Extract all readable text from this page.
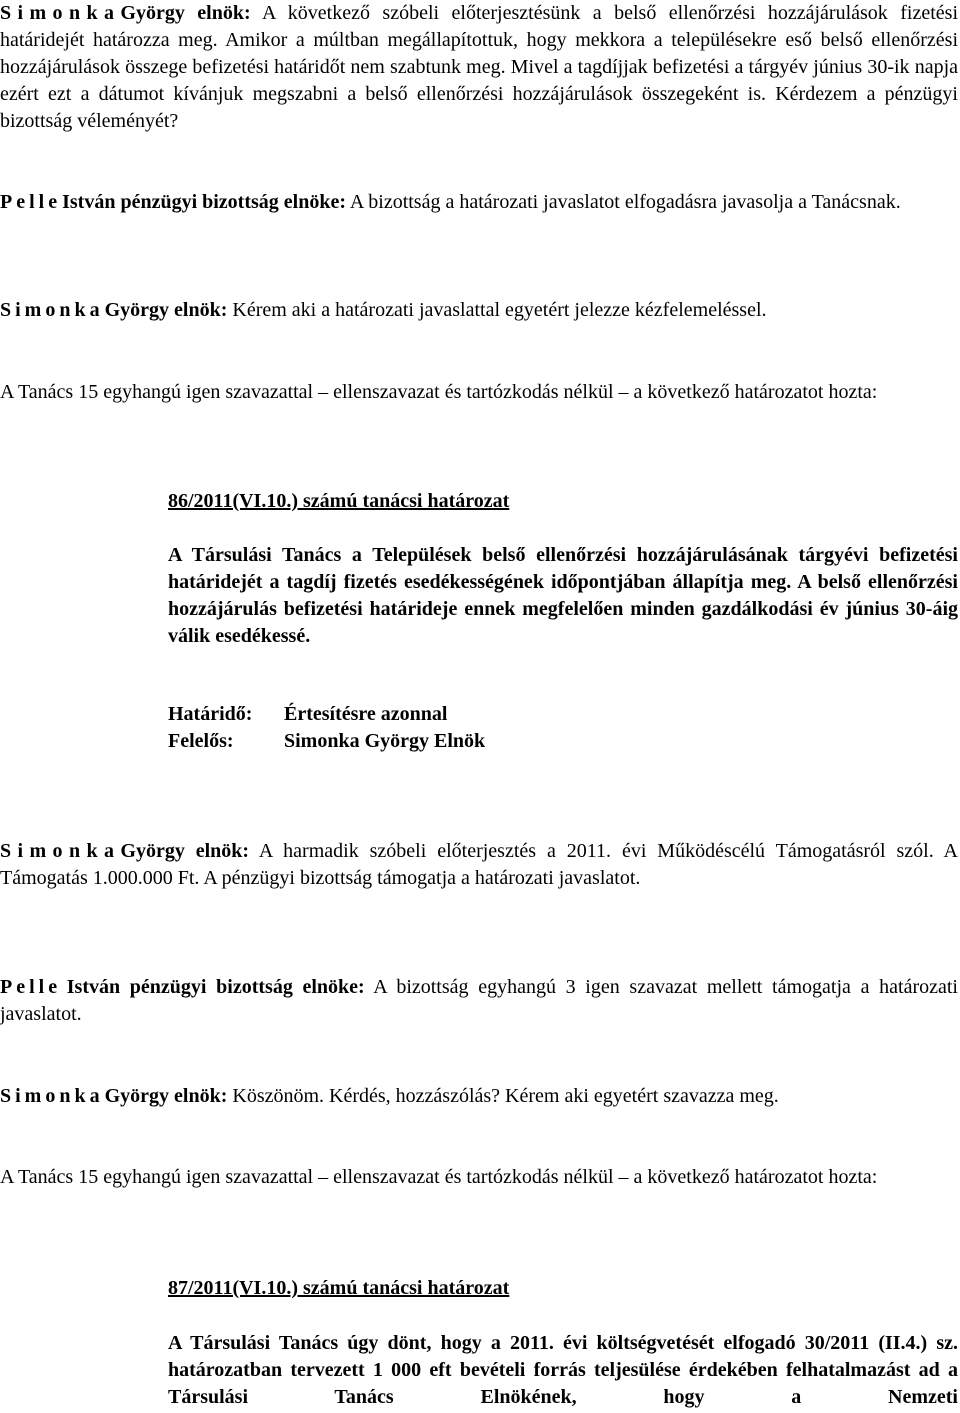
SimonkaGyörgy elnök: A következő szóbeli előterjesztésünk a belső ellenőrzési hozzájárulások fizetési határidejét határozza meg. Amikor a múltban megállapítottuk, hogy mekkora a településekre eső belső ellenőrzési hozzájárulások összege befizetési határidőt nem szabtunk meg. Mivel a tagdíjjak befizetési a tárgyév június 30-ik napja ezért ezt a dátumot kívánjuk megszabni a belső ellenőrzési hozzájárulások összegeként is. Kérdezem a pénzügyi bizottság véleményét?

Pelle István pénzügyi bizottság elnöke: A bizottság a határozati javaslatot elfogadásra javasolja a Tanácsnak.

Simonka György elnök: Kérem aki a határozati javaslattal egyetért jelezze kézfelemeléssel.

A Tanács 15 egyhangú igen szavazattal – ellenszavazat és tartózkodás nélkül – a következő határozatot hozta:

86/2011(VI.10.) számú tanácsi határozat

A Társulási Tanács a Települések belső ellenőrzési hozzájárulásának tárgyévi befizetési határidejét a tagdíj fizetés esedékességének időpontjában állapítja meg. A belső ellenőrzési hozzájárulás befizetési határideje ennek megfelelően minden gazdálkodási év június 30-áig válik esedékessé.

Határidő: Értesítésre azonnal
Felelős:	Simonka György Elnök

SimonkaGyörgy elnök: A harmadik szóbeli előterjesztés a 2011. évi Működéscélú Támogatásról szól. A Támogatás 1.000.000 Ft. A pénzügyi bizottság támogatja a határozati javaslatot.

Pelle István pénzügyi bizottság elnöke: A bizottság egyhangú 3 igen szavazat mellett támogatja a határozati javaslatot.

Simonka György elnök: Köszönöm. Kérdés, hozzászólás? Kérem aki egyetért szavazza meg.

A Tanács 15 egyhangú igen szavazattal – ellenszavazat és tartózkodás nélkül – a következő határozatot hozta:

87/2011(VI.10.) számú tanácsi határozat

A Társulási Tanács úgy dönt, hogy a 2011. évi költségvetését elfogadó 30/2011 (II.4.) sz. határozatban tervezett 1 000 eft bevételi forrás teljesülése érdekében felhatalmazást ad a Társulási Tanács Elnökének, hogy a Nemzeti
